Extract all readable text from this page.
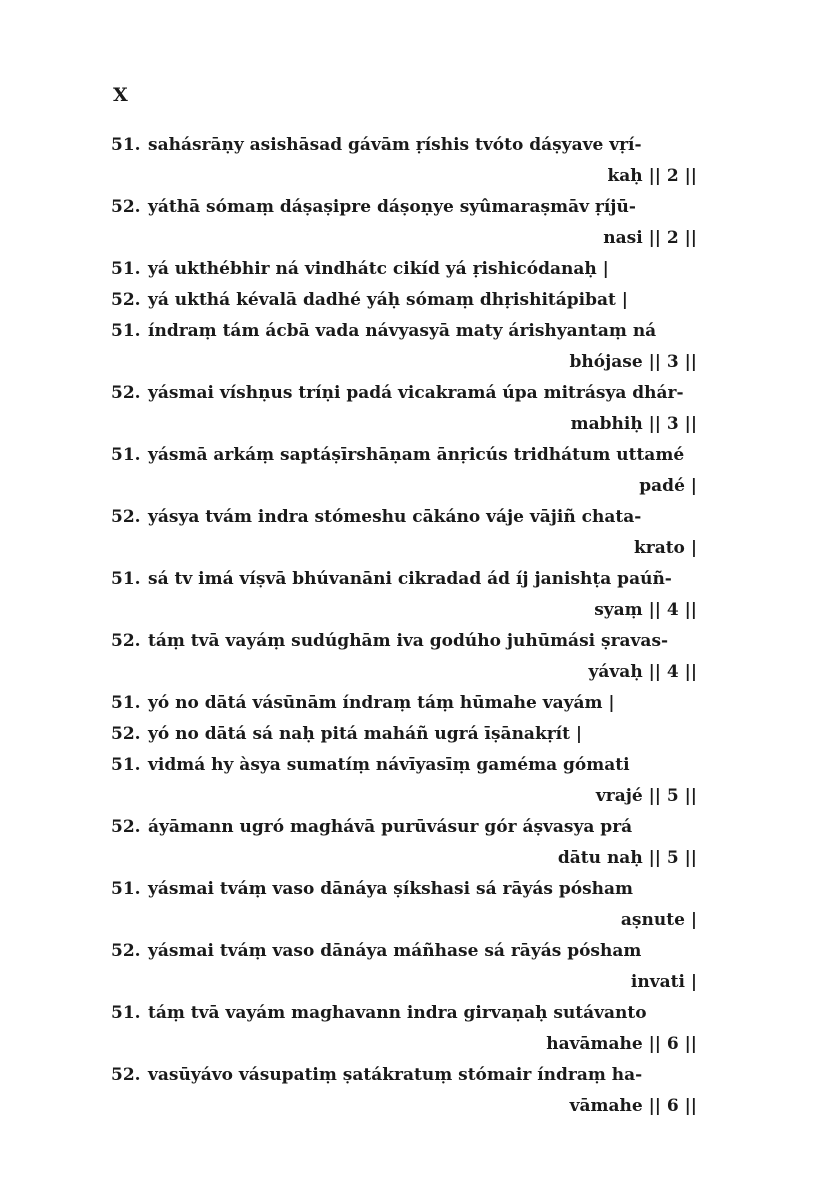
X
51. sahásrāṇy asishāsad gávām ṛíshis tvóto dáṣyave vṛí-
kaḥ || 2 ||
52. yáthā sómaṃ dáṣaṣipre dáṣoṇye syûmaraṣmāv ṛíjū-
nasi || 2 ||
51. yá ukthébhir ná vindhátc cikíd yá ṛishicódanaḥ |
52. yá ukthá kévalā dadhé yáḥ sómaṃ dhṛishitápibat |
51. índraṃ tám ácbā vada návyasyā maty árishyantaṃ ná
bhójase || 3 ||
52. yásmai víshṇus tríṇi padá vicakramá úpa mitrásya dhár-
mabhiḥ || 3 ||
51. yásmā arkáṃ saptáṣīrshāṇam ānṛicús tridhátum uttamé
padé |
52. yásya tvám indra stómeshu cākáno váje vājiñ chata-
krato |
51. sá tv imá víṣvā bhúvanāni cikradad ád íj janishṭa paúñ-
syaṃ || 4 ||
52. táṃ tvā vayáṃ sudúghām iva godúho juhūmási ṣravas-
yávaḥ || 4 ||
51. yó no dātá vásūnām índraṃ táṃ hūmahe vayám |
52. yó no dātá sá naḥ pitá maháñ ugrá īṣānakṛít |
51. vidmá hy àsya sumatíṃ návīyasīṃ gaméma gómati
vrajé || 5 ||
52. áyāmann ugró maghávā purūvásur gór áṣvasya prá
dātu naḥ || 5 ||
51. yásmai tváṃ vaso dānáya ṣíkshasi sá rāyás pósham
aṣnute |
52. yásmai tváṃ vaso dānáya máñhase sá rāyás pósham
invati |
51. táṃ tvā vayám maghavann indra girvaṇaḥ sutávanto
havāmahe || 6 ||
52. vasūyávo vásupatiṃ ṣatákratuṃ stómair índraṃ ha-
vāmahe || 6 ||
